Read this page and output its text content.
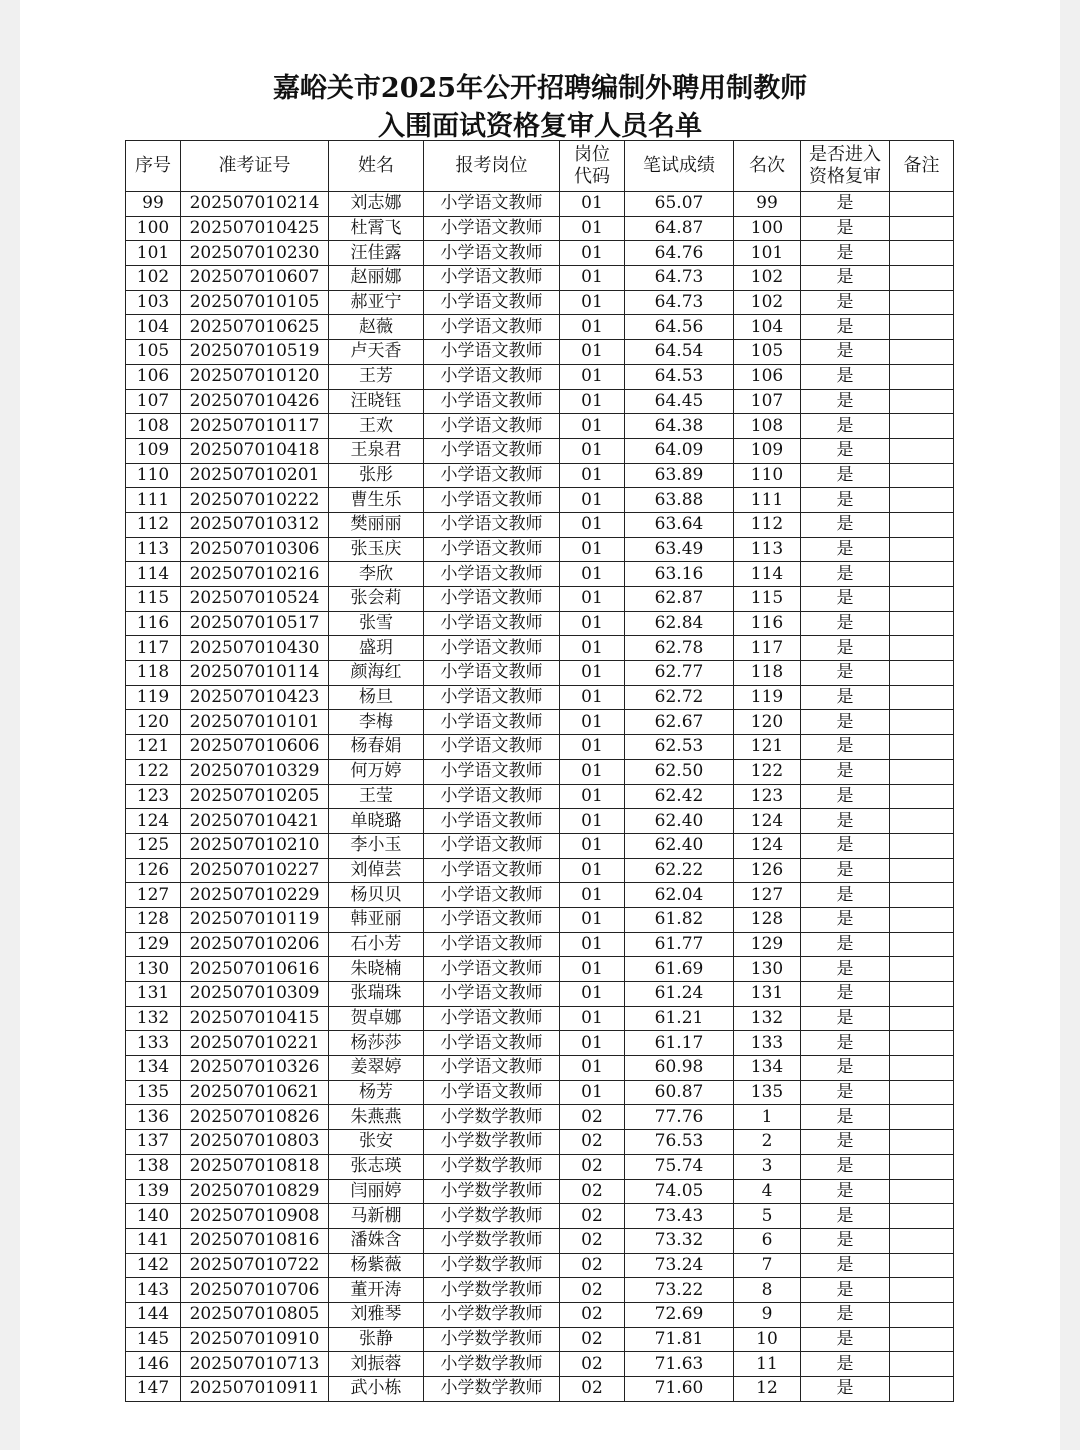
嘉峪关市2025年公开招聘编制外聘用制教师
入围面试资格复审人员名单
序号	准考证号	姓名	报考岗位	岗位代码	笔试成绩	名次	是否进入资格复审	备注
99	202507010214	刘志娜	小学语文教师	01	65.07	99	是	
100	202507010425	杜霄飞	小学语文教师	01	64.87	100	是	
101	202507010230	汪佳露	小学语文教师	01	64.76	101	是	
102	202507010607	赵丽娜	小学语文教师	01	64.73	102	是	
103	202507010105	郝亚宁	小学语文教师	01	64.73	102	是	
104	202507010625	赵薇	小学语文教师	01	64.56	104	是	
105	202507010519	卢天香	小学语文教师	01	64.54	105	是	
106	202507010120	王芳	小学语文教师	01	64.53	106	是	
107	202507010426	汪晓钰	小学语文教师	01	64.45	107	是	
108	202507010117	王欢	小学语文教师	01	64.38	108	是	
109	202507010418	王泉君	小学语文教师	01	64.09	109	是	
110	202507010201	张彤	小学语文教师	01	63.89	110	是	
111	202507010222	曹生乐	小学语文教师	01	63.88	111	是	
112	202507010312	樊丽丽	小学语文教师	01	63.64	112	是	
113	202507010306	张玉庆	小学语文教师	01	63.49	113	是	
114	202507010216	李欣	小学语文教师	01	63.16	114	是	
115	202507010524	张会莉	小学语文教师	01	62.87	115	是	
116	202507010517	张雪	小学语文教师	01	62.84	116	是	
117	202507010430	盛玥	小学语文教师	01	62.78	117	是	
118	202507010114	颜海红	小学语文教师	01	62.77	118	是	
119	202507010423	杨旦	小学语文教师	01	62.72	119	是	
120	202507010101	李梅	小学语文教师	01	62.67	120	是	
121	202507010606	杨春娟	小学语文教师	01	62.53	121	是	
122	202507010329	何万婷	小学语文教师	01	62.50	122	是	
123	202507010205	王莹	小学语文教师	01	62.42	123	是	
124	202507010421	单晓璐	小学语文教师	01	62.40	124	是	
125	202507010210	李小玉	小学语文教师	01	62.40	124	是	
126	202507010227	刘倬芸	小学语文教师	01	62.22	126	是	
127	202507010229	杨贝贝	小学语文教师	01	62.04	127	是	
128	202507010119	韩亚丽	小学语文教师	01	61.82	128	是	
129	202507010206	石小芳	小学语文教师	01	61.77	129	是	
130	202507010616	朱晓楠	小学语文教师	01	61.69	130	是	
131	202507010309	张瑞珠	小学语文教师	01	61.24	131	是	
132	202507010415	贺卓娜	小学语文教师	01	61.21	132	是	
133	202507010221	杨莎莎	小学语文教师	01	61.17	133	是	
134	202507010326	姜翠婷	小学语文教师	01	60.98	134	是	
135	202507010621	杨芳	小学语文教师	01	60.87	135	是	
136	202507010826	朱燕燕	小学数学教师	02	77.76	1	是	
137	202507010803	张安	小学数学教师	02	76.53	2	是	
138	202507010818	张志瑛	小学数学教师	02	75.74	3	是	
139	202507010829	闫丽婷	小学数学教师	02	74.05	4	是	
140	202507010908	马新棚	小学数学教师	02	73.43	5	是	
141	202507010816	潘姝含	小学数学教师	02	73.32	6	是	
142	202507010722	杨紫薇	小学数学教师	02	73.24	7	是	
143	202507010706	董开涛	小学数学教师	02	73.22	8	是	
144	202507010805	刘雅琴	小学数学教师	02	72.69	9	是	
145	202507010910	张静	小学数学教师	02	71.81	10	是	
146	202507010713	刘振蓉	小学数学教师	02	71.63	11	是	
147	202507010911	武小栋	小学数学教师	02	71.60	12	是	
